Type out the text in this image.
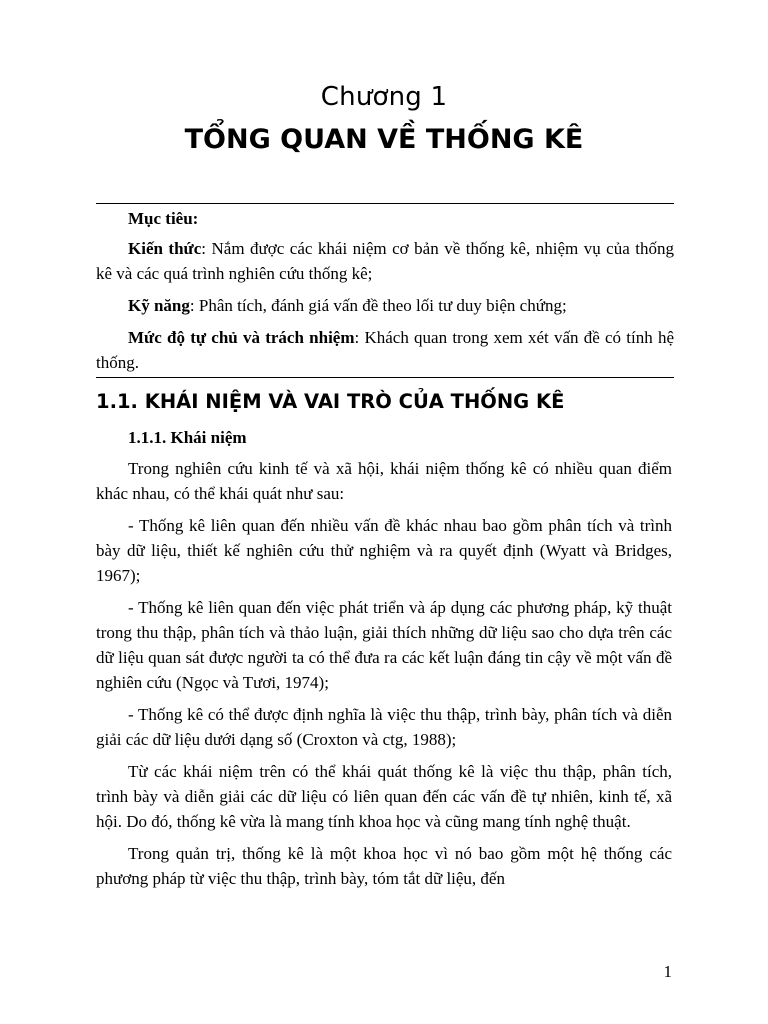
Chương 1
TỔNG QUAN VỀ THỐNG KÊ

Mục tiêu:

Kiến thức: Nắm được các khái niệm cơ bản về thống kê, nhiệm vụ của thống kê và các quá trình nghiên cứu thống kê;

Kỹ năng: Phân tích, đánh giá vấn đề theo lối tư duy biện chứng;

Mức độ tự chủ và trách nhiệm: Khách quan trong xem xét vấn đề có tính hệ thống.

1.1. KHÁI NIỆM VÀ VAI TRÒ CỦA THỐNG KÊ

1.1.1. Khái niệm

Trong nghiên cứu kinh tế và xã hội, khái niệm thống kê có nhiều quan điểm khác nhau, có thể khái quát như sau:

- Thống kê liên quan đến nhiều vấn đề khác nhau bao gồm phân tích và trình bày dữ liệu, thiết kế nghiên cứu thử nghiệm và ra quyết định (Wyatt và Bridges, 1967);

- Thống kê liên quan đến việc phát triển và áp dụng các phương pháp, kỹ thuật trong thu thập, phân tích và thảo luận, giải thích những dữ liệu sao cho dựa trên các dữ liệu quan sát được người ta có thể đưa ra các kết luận đáng tin cậy về một vấn đề nghiên cứu (Ngọc và Tươi, 1974);

- Thống kê có thể được định nghĩa là việc thu thập, trình bày, phân tích và diễn giải các dữ liệu dưới dạng số (Croxton và ctg, 1988);

Từ các khái niệm trên có thể khái quát thống kê là việc thu thập, phân tích, trình bày và diễn giải các dữ liệu có liên quan đến các vấn đề tự nhiên, kinh tế, xã hội. Do đó, thống kê vừa là mang tính khoa học và cũng mang tính nghệ thuật.

Trong quản trị, thống kê là một khoa học vì nó bao gồm một hệ thống các phương pháp từ việc thu thập, trình bày, tóm tắt dữ liệu, đến

1
